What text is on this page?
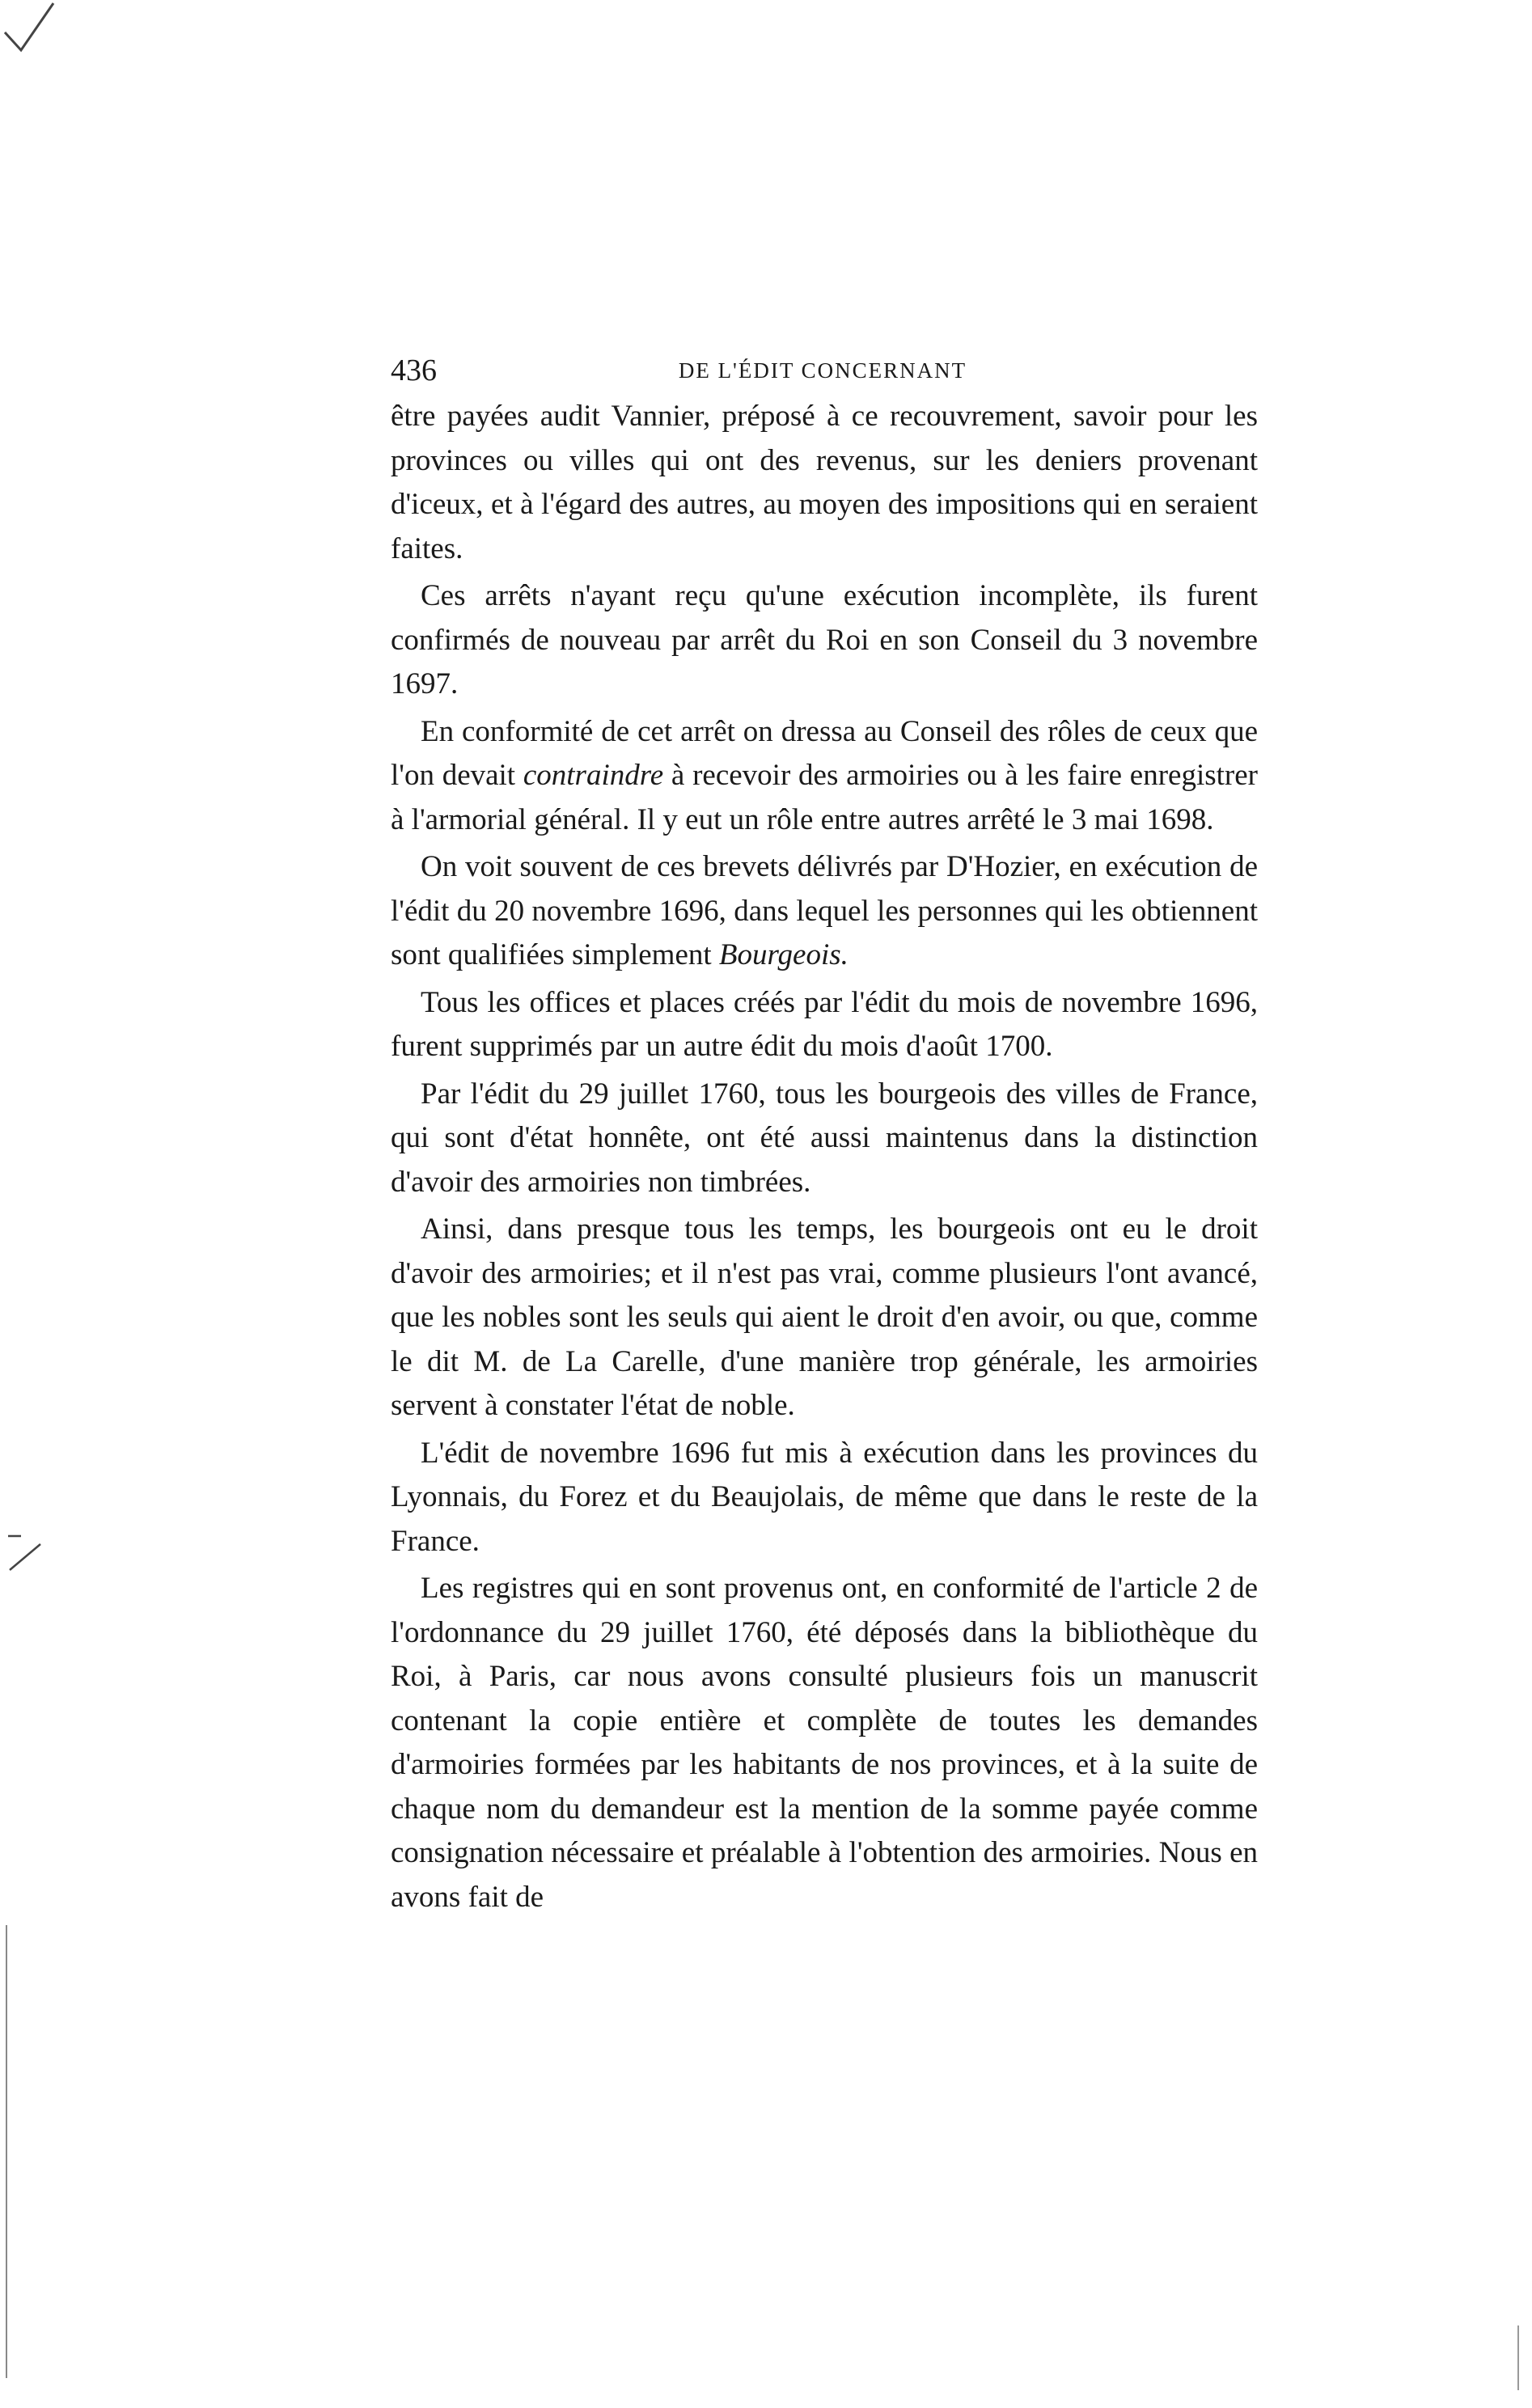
436	DE L'ÉDIT CONCERNANT

être payées audit Vannier, préposé à ce recouvrement, savoir pour les provinces ou villes qui ont des revenus, sur les deniers provenant d'iceux, et à l'égard des autres, au moyen des impositions qui en seraient faites.

Ces arrêts n'ayant reçu qu'une exécution incomplète, ils furent confirmés de nouveau par arrêt du Roi en son Conseil du 3 novembre 1697.

En conformité de cet arrêt on dressa au Conseil des rôles de ceux que l'on devait contraindre à recevoir des armoiries ou à les faire enregistrer à l'armorial général. Il y eut un rôle entre autres arrêté le 3 mai 1698.

On voit souvent de ces brevets délivrés par D'Hozier, en exécution de l'édit du 20 novembre 1696, dans lequel les personnes qui les obtiennent sont qualifiées simplement Bourgeois.

Tous les offices et places créés par l'édit du mois de novembre 1696, furent supprimés par un autre édit du mois d'août 1700.

Par l'édit du 29 juillet 1760, tous les bourgeois des villes de France, qui sont d'état honnête, ont été aussi maintenus dans la distinction d'avoir des armoiries non timbrées.

Ainsi, dans presque tous les temps, les bourgeois ont eu le droit d'avoir des armoiries; et il n'est pas vrai, comme plusieurs l'ont avancé, que les nobles sont les seuls qui aient le droit d'en avoir, ou que, comme le dit M. de La Carelle, d'une manière trop générale, les armoiries servent à constater l'état de noble.

L'édit de novembre 1696 fut mis à exécution dans les provinces du Lyonnais, du Forez et du Beaujolais, de même que dans le reste de la France.

Les registres qui en sont provenus ont, en conformité de l'article 2 de l'ordonnance du 29 juillet 1760, été déposés dans la bibliothèque du Roi, à Paris, car nous avons consulté plusieurs fois un manuscrit contenant la copie entière et complète de toutes les demandes d'armoiries formées par les habitants de nos provinces, et à la suite de chaque nom du demandeur est la mention de la somme payée comme consignation nécessaire et préalable à l'obtention des armoiries. Nous en avons fait de
